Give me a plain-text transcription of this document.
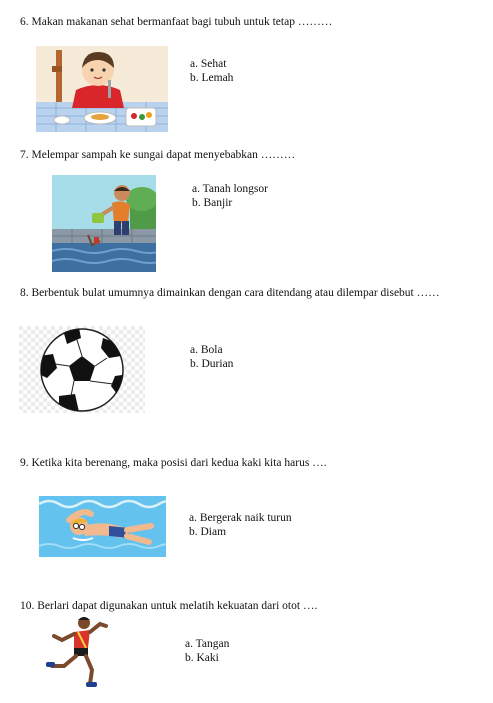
6. Makan makanan sehat bermanfaat bagi tubuh untuk tetap ………
a. Sehat
b. Lemah
7. Melempar sampah ke sungai dapat menyebabkan ………
a. Tanah longsor
b. Banjir
8. Berbentuk bulat umumnya dimainkan dengan cara ditendang atau dilempar disebut ……
a. Bola
b. Durian
9. Ketika kita berenang, maka posisi dari kedua kaki kita harus ….
a. Bergerak naik turun
b. Diam
10. Berlari dapat digunakan untuk melatih kekuatan dari otot ….
a. Tangan
b. Kaki
